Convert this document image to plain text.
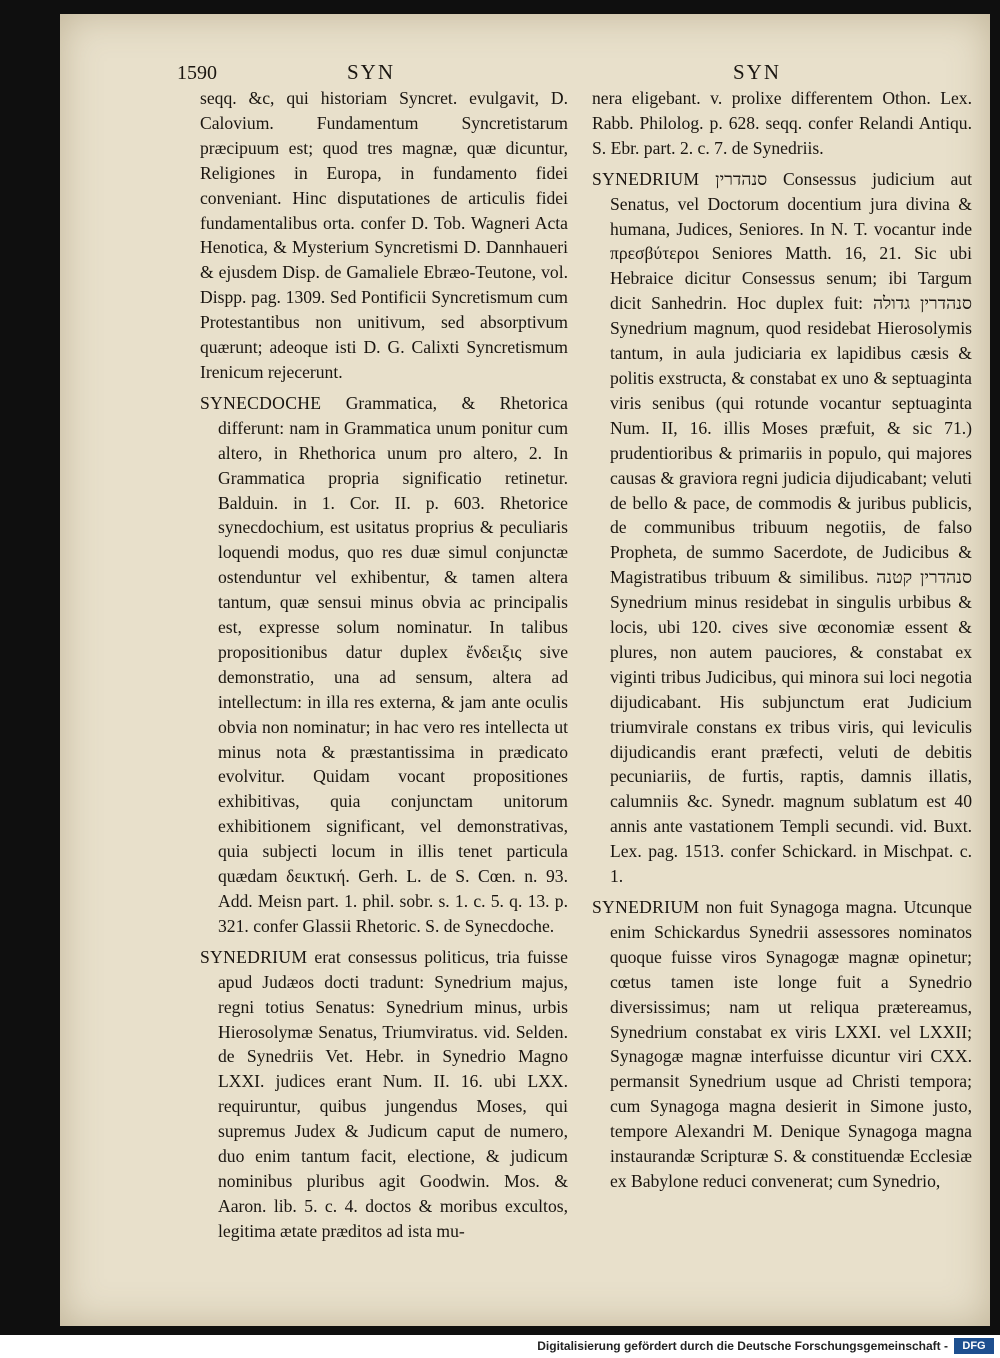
1590	SYN	SYN

seqq. &c, qui historiam Syncret. evulgavit, D. Calovium. Fundamentum Syncretistarum præcipuum est; quod tres magnæ, quæ dicuntur, Religiones in Europa, in fundamento fidei conveniant. Hinc disputationes de articulis fidei fundamentalibus orta. confer D. Tob. Wagneri Acta Henotica, & Mysterium Syncretismi D. Dannhaueri & ejusdem Disp. de Gamaliele Ebræo-Teutone, vol. Dispp. pag. 1309. Sed Pontificii Syncretismum cum Protestantibus non unitivum, sed absorptivum quærunt; adeoque isti D. G. Calixti Syncretismum Irenicum rejecerunt.

SYNECDOCHE Grammatica, & Rhetorica differunt: nam in Grammatica unum ponitur cum altero, in Rhethorica unum pro altero, 2. In Grammatica propria significatio retinetur. Balduin. in 1. Cor. II. p. 603. Rhetorice synecdochium, est usitatus proprius & peculiaris loquendi modus, quo res duæ simul conjunctæ ostenduntur vel exhibentur, & tamen altera tantum, quæ sensui minus obvia ac principalis est, expresse solum nominatur. In talibus propositionibus datur duplex ἔνδειξις sive demonstratio, una ad sensum, altera ad intellectum: in illa res externa, & jam ante oculis obvia non nominatur; in hac vero res intellecta ut minus nota & præstantissima in prædicato evolvitur. Quidam vocant propositiones exhibitivas, quia conjunctam unitorum exhibitionem significant, vel demonstrativas, quia subjecti locum in illis tenet particula quædam δεικτική. Gerh. L. de S. Cœn. n. 93. Add. Meisn part. 1. phil. sobr. s. 1. c. 5. q. 13. p. 321. confer Glassii Rhetoric. S. de Synecdoche.

SYNEDRIUM erat consessus politicus, tria fuisse apud Judæos docti tradunt: Synedrium majus, regni totius Senatus: Synedrium minus, urbis Hierosolymæ Senatus, Triumviratus. vid. Selden. de Synedriis Vet. Hebr. in Synedrio Magno LXXI. judices erant Num. II. 16. ubi LXX. requiruntur, quibus jungendus Moses, qui supremus Judex & Judicum caput de numero, duo enim tantum facit, electione, & judicum nominibus pluribus agit Goodwin. Mos. & Aaron. lib. 5. c. 4. doctos & moribus excultos, legitima ætate præditos ad ista mu-

nera eligebant. v. prolixe differentem Othon. Lex. Rabb. Philolog. p. 628. seqq. confer Relandi Antiqu. S. Ebr. part. 2. c. 7. de Synedriis.

SYNEDRIUM סנהדרין Consessus judicium aut Senatus, vel Doctorum docentium jura divina & humana, Judices, Seniores. In N. T. vocantur inde πρεσβύτεροι Seniores Matth. 16, 21. Sic ubi Hebraice dicitur Consessus senum; ibi Targum dicit Sanhedrin. Hoc duplex fuit: סנהדרין גדולה Synedrium magnum, quod residebat Hierosolymis tantum, in aula judiciaria ex lapidibus cæsis & politis exstructa, & constabat ex uno & septuaginta viris senibus (qui rotunde vocantur septuaginta Num. II, 16. illis Moses præfuit, & sic 71.) prudentioribus & primariis in populo, qui majores causas & graviora regni judicia dijudicabant; veluti de bello & pace, de commodis & juribus publicis, de communibus tribuum negotiis, de falso Propheta, de summo Sacerdote, de Judicibus & Magistratibus tribuum & similibus. סנהדרין קטנה Synedrium minus residebat in singulis urbibus & locis, ubi 120. cives sive œconomiæ essent & plures, non autem pauciores, & constabat ex viginti tribus Judicibus, qui minora sui loci negotia dijudicabant. His subjunctum erat Judicium triumvirale constans ex tribus viris, qui leviculis dijudicandis erant præfecti, veluti de debitis pecuniariis, de furtis, raptis, damnis illatis, calumniis &c. Synedr. magnum sublatum est 40 annis ante vastationem Templi secundi. vid. Buxt. Lex. pag. 1513. confer Schickard. in Mischpat. c. 1.

SYNEDRIUM non fuit Synagoga magna. Utcunque enim Schickardus Synedrii assessores nominatos quoque fuisse viros Synagogæ magnæ opinetur; cœtus tamen iste longe fuit a Synedrio diversissimus; nam ut reliqua prætereamus, Synedrium constabat ex viris LXXI. vel LXXII; Synagogæ magnæ interfuisse dicuntur viri CXX. permansit Synedrium usque ad Christi tempora; cum Synagoga magna desierit in Simone justo, tempore Alexandri M. Denique Synagoga magna instaurandæ Scripturæ S. & constituendæ Ecclesiæ ex Babylone reduci convenerat; cum Synedrio,

Digitalisierung gefördert durch die Deutsche Forschungsgemeinschaft -	DFG
